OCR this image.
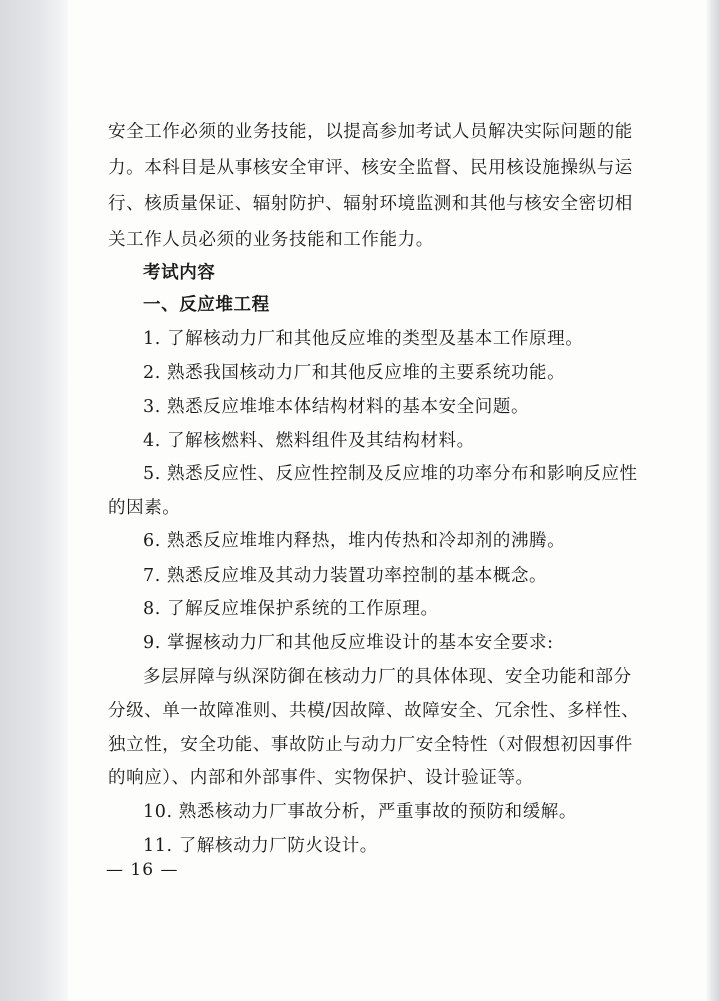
安全工作必须的业务技能，以提高参加考试人员解决实际问题的能
力。本科目是从事核安全审评、核安全监督、民用核设施操纵与运
行、核质量保证、辐射防护、辐射环境监测和其他与核安全密切相
关工作人员必须的业务技能和工作能力。
考试内容
一、反应堆工程
1. 了解核动力厂和其他反应堆的类型及基本工作原理。
2. 熟悉我国核动力厂和其他反应堆的主要系统功能。
3. 熟悉反应堆堆本体结构材料的基本安全问题。
4. 了解核燃料、燃料组件及其结构材料。
5. 熟悉反应性、反应性控制及反应堆的功率分布和影响反应性
的因素。
6. 熟悉反应堆堆内释热，堆内传热和冷却剂的沸腾。
7. 熟悉反应堆及其动力装置功率控制的基本概念。
8. 了解反应堆保护系统的工作原理。
9. 掌握核动力厂和其他反应堆设计的基本安全要求:
多层屏障与纵深防御在核动力厂的具体体现、安全功能和部分
分级、单一故障准则、共模/因故障、故障安全、冗余性、多样性、
独立性，安全功能、事故防止与动力厂安全特性（对假想初因事件
的响应）、内部和外部事件、实物保护、设计验证等。
10. 熟悉核动力厂事故分析，严重事故的预防和缓解。
11. 了解核动力厂防火设计。
— 16 —
